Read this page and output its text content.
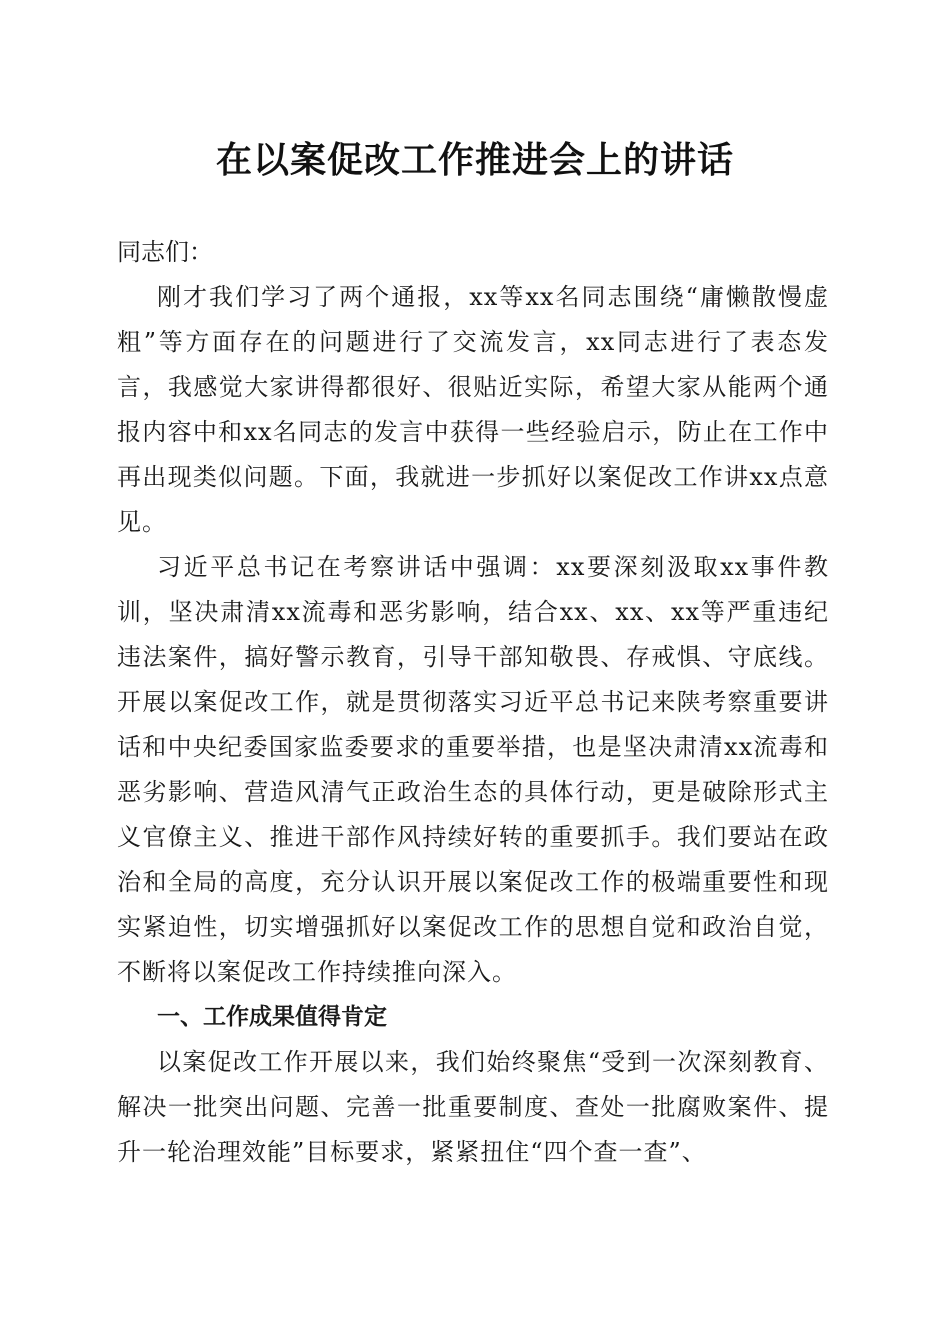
在以案促改工作推进会上的讲话

同志们：

刚才我们学习了两个通报，xx等xx名同志围绕“庸懒散慢虚粗”等方面存在的问题进行了交流发言，xx同志进行了表态发言，我感觉大家讲得都很好、很贴近实际，希望大家从能两个通报内容中和xx名同志的发言中获得一些经验启示，防止在工作中再出现类似问题。下面，我就进一步抓好以案促改工作讲xx点意见。

习近平总书记在考察讲话中强调：xx要深刻汲取xx事件教训，坚决肃清xx流毒和恶劣影响，结合xx、xx、xx等严重违纪违法案件，搞好警示教育，引导干部知敬畏、存戒惧、守底线。开展以案促改工作，就是贯彻落实习近平总书记来陕考察重要讲话和中央纪委国家监委要求的重要举措，也是坚决肃清xx流毒和恶劣影响、营造风清气正政治生态的具体行动，更是破除形式主义官僚主义、推进干部作风持续好转的重要抓手。我们要站在政治和全局的高度，充分认识开展以案促改工作的极端重要性和现实紧迫性，切实增强抓好以案促改工作的思想自觉和政治自觉，不断将以案促改工作持续推向深入。

一、工作成果值得肯定

以案促改工作开展以来，我们始终聚焦“受到一次深刻教育、解决一批突出问题、完善一批重要制度、查处一批腐败案件、提升一轮治理效能”目标要求，紧紧扭住“四个查一查”、
